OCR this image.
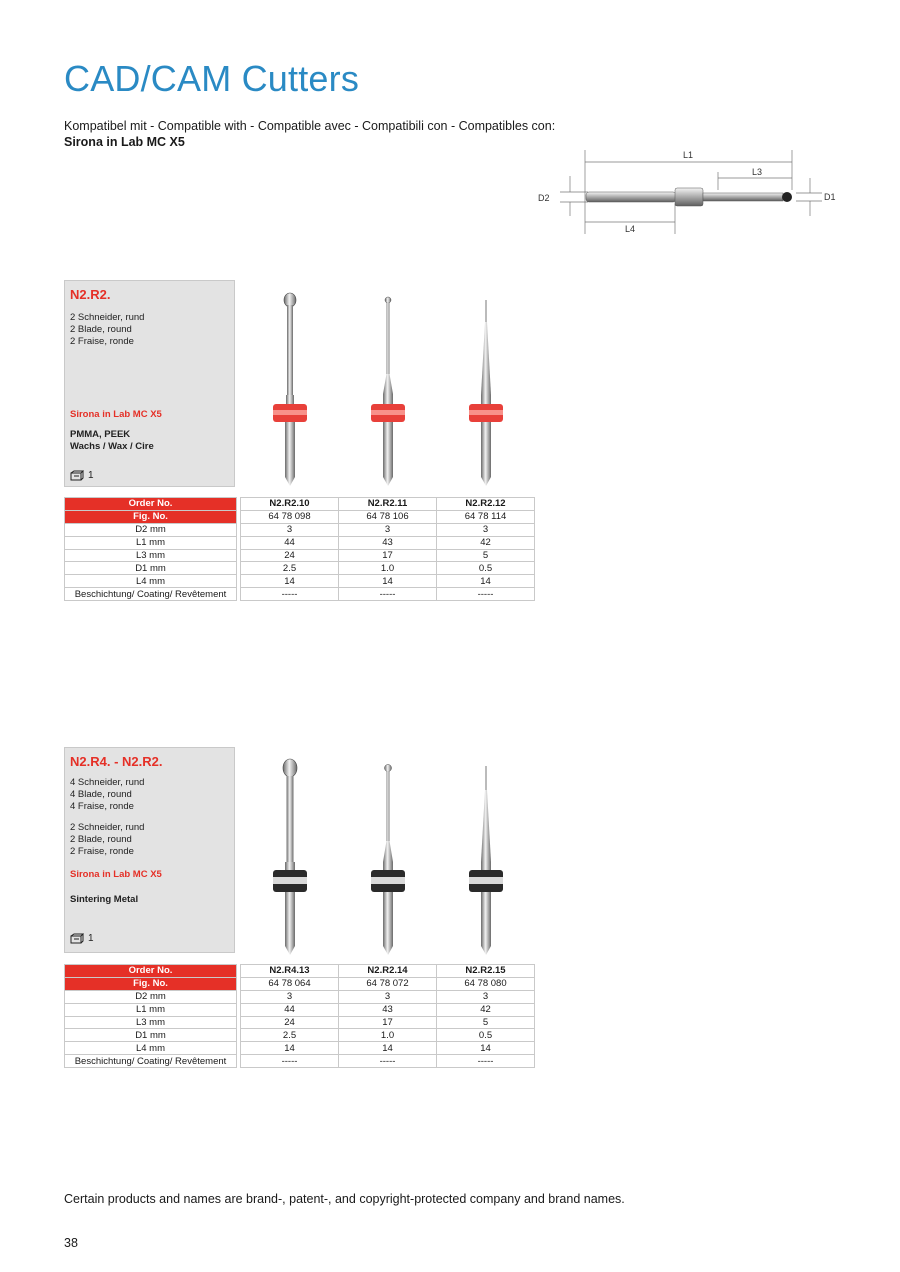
CAD/CAM Cutters
Kompatibel mit - Compatible with - Compatible avec - Compatibili con - Compatibles con:
Sirona in Lab MC X5
L1
L3
L4
D2	D1
N2.R2.
2 Schneider, rund
2 Blade, round
2 Fraise, ronde
Sirona in Lab MC X5
PMMA, PEEK
Wachs / Wax / Cire
1
Order No.		N2.R2.10	N2.R2.11	N2.R2.12
Fig. No.		64 78 098	64 78 106	64 78 114
D2 mm		3	3	3
L1 mm		44	43	42
L3 mm		24	17	5
D1 mm		2.5	1.0	0.5
L4 mm		14	14	14
Beschichtung/ Coating/ Revêtement		-----	-----	-----
N2.R4. - N2.R2.
4 Schneider, rund
4 Blade, round
4 Fraise, ronde
2 Schneider, rund
2 Blade, round
2 Fraise, ronde
Sirona in Lab MC X5
Sintering Metal
1
Order No.		N2.R4.13	N2.R2.14	N2.R2.15
Fig. No.		64 78 064	64 78 072	64 78 080
D2 mm		3	3	3
L1 mm		44	43	42
L3 mm		24	17	5
D1 mm		2.5	1.0	0.5
L4 mm		14	14	14
Beschichtung/ Coating/ Revêtement		-----	-----	-----
Certain products and names are brand-, patent-, and copyright-protected company and brand names.
38
